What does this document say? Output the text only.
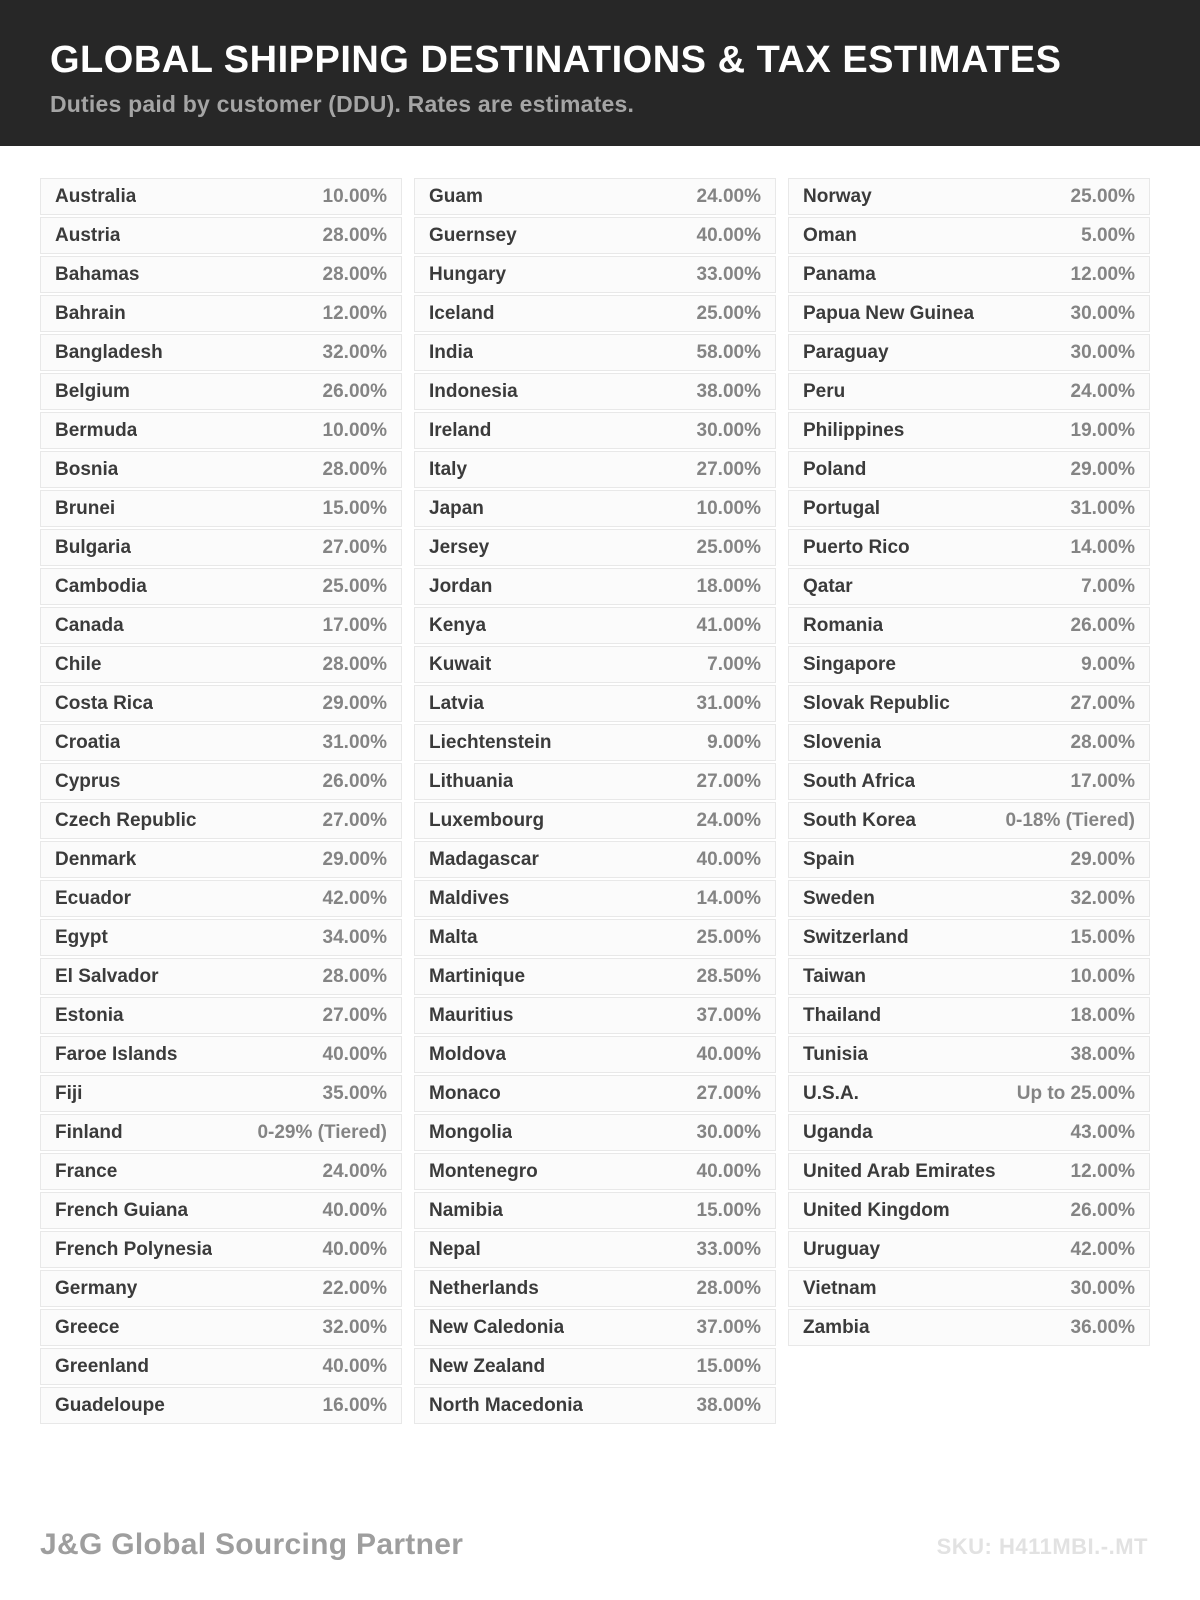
GLOBAL SHIPPING DESTINATIONS & TAX ESTIMATES
Duties paid by customer (DDU). Rates are estimates.
Australia	10.00%
Austria	28.00%
Bahamas	28.00%
Bahrain	12.00%
Bangladesh	32.00%
Belgium	26.00%
Bermuda	10.00%
Bosnia	28.00%
Brunei	15.00%
Bulgaria	27.00%
Cambodia	25.00%
Canada	17.00%
Chile	28.00%
Costa Rica	29.00%
Croatia	31.00%
Cyprus	26.00%
Czech Republic	27.00%
Denmark	29.00%
Ecuador	42.00%
Egypt	34.00%
El Salvador	28.00%
Estonia	27.00%
Faroe Islands	40.00%
Fiji	35.00%
Finland	0-29% (Tiered)
France	24.00%
French Guiana	40.00%
French Polynesia	40.00%
Germany	22.00%
Greece	32.00%
Greenland	40.00%
Guadeloupe	16.00%
Guam	24.00%
Guernsey	40.00%
Hungary	33.00%
Iceland	25.00%
India	58.00%
Indonesia	38.00%
Ireland	30.00%
Italy	27.00%
Japan	10.00%
Jersey	25.00%
Jordan	18.00%
Kenya	41.00%
Kuwait	7.00%
Latvia	31.00%
Liechtenstein	9.00%
Lithuania	27.00%
Luxembourg	24.00%
Madagascar	40.00%
Maldives	14.00%
Malta	25.00%
Martinique	28.50%
Mauritius	37.00%
Moldova	40.00%
Monaco	27.00%
Mongolia	30.00%
Montenegro	40.00%
Namibia	15.00%
Nepal	33.00%
Netherlands	28.00%
New Caledonia	37.00%
New Zealand	15.00%
North Macedonia	38.00%
Norway	25.00%
Oman	5.00%
Panama	12.00%
Papua New Guinea	30.00%
Paraguay	30.00%
Peru	24.00%
Philippines	19.00%
Poland	29.00%
Portugal	31.00%
Puerto Rico	14.00%
Qatar	7.00%
Romania	26.00%
Singapore	9.00%
Slovak Republic	27.00%
Slovenia	28.00%
South Africa	17.00%
South Korea	0-18% (Tiered)
Spain	29.00%
Sweden	32.00%
Switzerland	15.00%
Taiwan	10.00%
Thailand	18.00%
Tunisia	38.00%
U.S.A.	Up to 25.00%
Uganda	43.00%
United Arab Emirates	12.00%
United Kingdom	26.00%
Uruguay	42.00%
Vietnam	30.00%
Zambia	36.00%
J&G Global Sourcing Partner	SKU: H411MBI.-.MT
